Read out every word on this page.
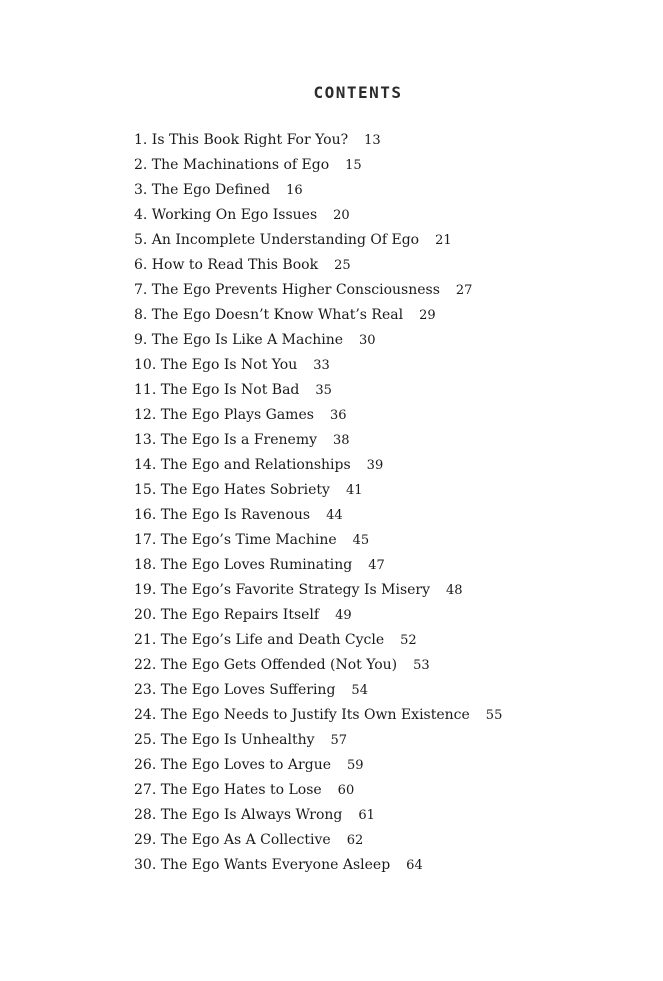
CONTENTS
1. Is This Book Right For You? 13
2. The Machinations of Ego 15
3. The Ego Defined 16
4. Working On Ego Issues 20
5. An Incomplete Understanding Of Ego 21
6. How to Read This Book 25
7. The Ego Prevents Higher Consciousness 27
8. The Ego Doesn’t Know What’s Real 29
9. The Ego Is Like A Machine 30
10. The Ego Is Not You 33
11. The Ego Is Not Bad 35
12. The Ego Plays Games 36
13. The Ego Is a Frenemy 38
14. The Ego and Relationships 39
15. The Ego Hates Sobriety 41
16. The Ego Is Ravenous 44
17. The Ego’s Time Machine 45
18. The Ego Loves Ruminating 47
19. The Ego’s Favorite Strategy Is Misery 48
20. The Ego Repairs Itself 49
21. The Ego’s Life and Death Cycle 52
22. The Ego Gets Offended (Not You) 53
23. The Ego Loves Suffering 54
24. The Ego Needs to Justify Its Own Existence 55
25. The Ego Is Unhealthy 57
26. The Ego Loves to Argue 59
27. The Ego Hates to Lose 60
28. The Ego Is Always Wrong 61
29. The Ego As A Collective 62
30. The Ego Wants Everyone Asleep 64
